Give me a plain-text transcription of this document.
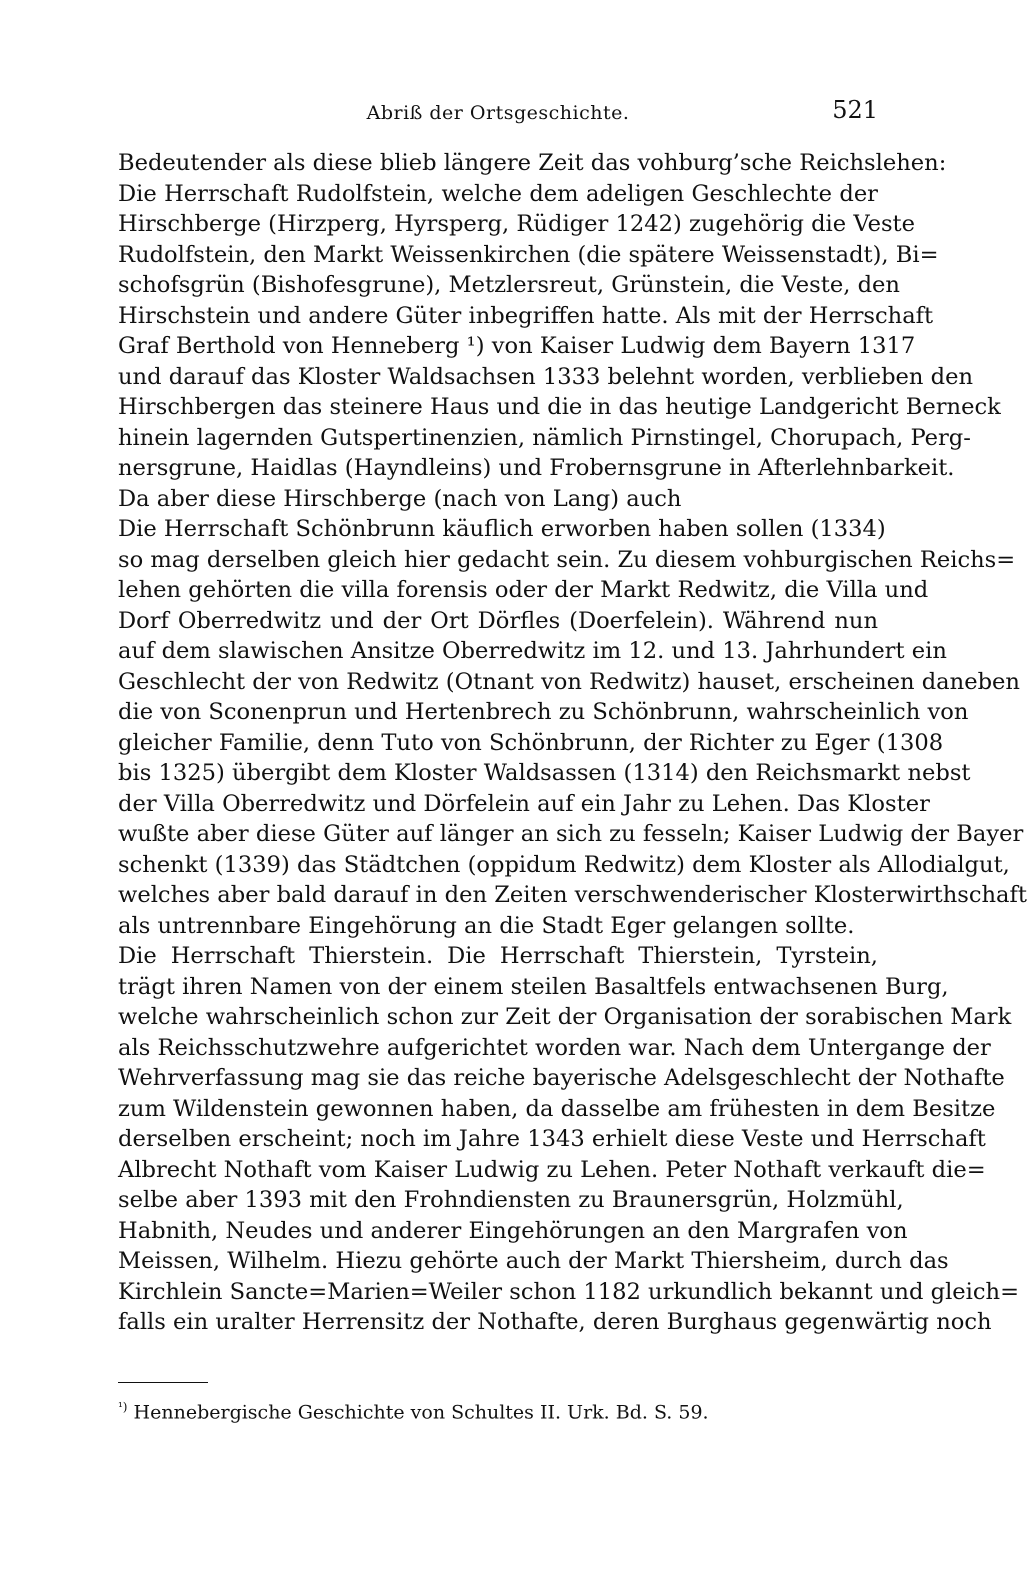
Abriß der Ortsgeschichte.	521
Bedeutender als diese blieb längere Zeit das vohburg’sche Reichslehen:
Die Herrschaft Rudolfstein, welche dem adeligen Geschlechte der
Hirschberge (Hirzperg, Hyrsperg, Rüdiger 1242) zugehörig die Veste
Rudolfstein, den Markt Weissenkirchen (die spätere Weissenstadt), Bi=
schofsgrün (Bishofesgrune), Metzlersreut, Grünstein, die Veste, den
Hirschstein und andere Güter inbegriffen hatte. Als mit der Herrschaft
Graf Berthold von Henneberg ¹) von Kaiser Ludwig dem Bayern 1317
und darauf das Kloster Waldsachsen 1333 belehnt worden, verblieben den
Hirschbergen das steinere Haus und die in das heutige Landgericht Berneck
hinein lagernden Gutspertinenzien, nämlich Pirnstingel, Chorupach, Perg-
nersgrune, Haidlas (Hayndleins) und Frobernsgrune in Afterlehnbarkeit.
Da aber diese Hirschberge (nach von Lang) auch
Die Herrschaft Schönbrunn käuflich erworben haben sollen (1334)
so mag derselben gleich hier gedacht sein. Zu diesem vohburgischen Reichs=
lehen gehörten die villa forensis oder der Markt Redwitz, die Villa und
Dorf Oberredwitz und der Ort Dörfles (Doerfelein). Während nun
auf dem slawischen Ansitze Oberredwitz im 12. und 13. Jahrhundert ein
Geschlecht der von Redwitz (Otnant von Redwitz) hauset, erscheinen daneben
die von Sconenprun und Hertenbrech zu Schönbrunn, wahrscheinlich von
gleicher Familie, denn Tuto von Schönbrunn, der Richter zu Eger (1308
bis 1325) übergibt dem Kloster Waldsassen (1314) den Reichsmarkt nebst
der Villa Oberredwitz und Dörfelein auf ein Jahr zu Lehen. Das Kloster
wußte aber diese Güter auf länger an sich zu fesseln; Kaiser Ludwig der Bayer
schenkt (1339) das Städtchen (oppidum Redwitz) dem Kloster als Allodialgut,
welches aber bald darauf in den Zeiten verschwenderischer Klosterwirthschaft
als untrennbare Eingehörung an die Stadt Eger gelangen sollte.
Die Herrschaft Thierstein. Die Herrschaft Thierstein, Tyrstein,
trägt ihren Namen von der einem steilen Basaltfels entwachsenen Burg,
welche wahrscheinlich schon zur Zeit der Organisation der sorabischen Mark
als Reichsschutzwehre aufgerichtet worden war. Nach dem Untergange der
Wehrverfassung mag sie das reiche bayerische Adelsgeschlecht der Nothafte
zum Wildenstein gewonnen haben, da dasselbe am frühesten in dem Besitze
derselben erscheint; noch im Jahre 1343 erhielt diese Veste und Herrschaft
Albrecht Nothaft vom Kaiser Ludwig zu Lehen. Peter Nothaft verkauft die=
selbe aber 1393 mit den Frohndiensten zu Braunersgrün, Holzmühl,
Habnith, Neudes und anderer Eingehörungen an den Margrafen von
Meissen, Wilhelm. Hiezu gehörte auch der Markt Thiersheim, durch das
Kirchlein Sancte=Marien=Weiler schon 1182 urkundlich bekannt und gleich=
falls ein uralter Herrensitz der Nothafte, deren Burghaus gegenwärtig noch
$^{^1)}$ Hennebergische Geschichte von Schultes II. Urk. Bd. S. 59.
